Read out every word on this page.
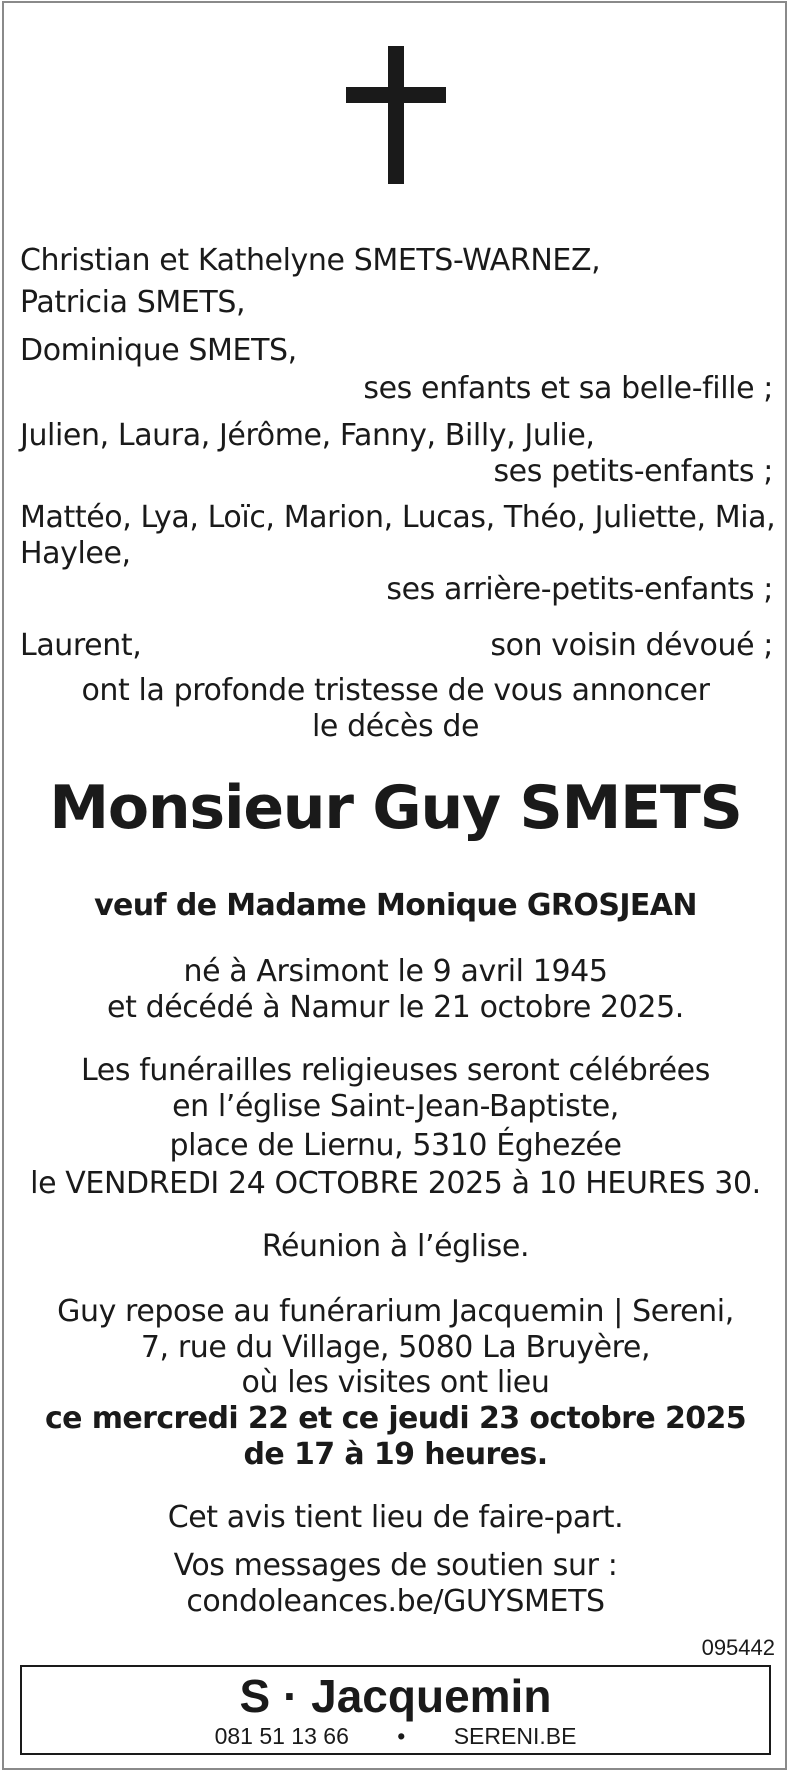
Christian et Kathelyne SMETS-WARNEZ,

Patricia SMETS,

Dominique SMETS,

ses enfants et sa belle-fille ;

Julien, Laura, Jérôme, Fanny, Billy, Julie,

ses petits-enfants ;

Mattéo, Lya, Loïc, Marion, Lucas, Théo, Juliette, Mia,

Haylee,

ses arrière-petits-enfants ;

Laurent,	son voisin dévoué ;

ont la profonde tristesse de vous annoncer

le décès de

Monsieur Guy SMETS

veuf de Madame Monique GROSJEAN

né à Arsimont le 9 avril 1945

et décédé à Namur le 21 octobre 2025.

Les funérailles religieuses seront célébrées

en l’église Saint-Jean-Baptiste,

place de Liernu, 5310 Éghezée

le VENDREDI 24 OCTOBRE 2025 à 10 HEURES 30.

Réunion à l’église.

Guy repose au funérarium Jacquemin | Sereni,

7, rue du Village, 5080 La Bruyère,

où les visites ont lieu

ce mercredi 22 et ce jeudi 23 octobre 2025

de 17 à 19 heures.

Cet avis tient lieu de faire-part.

Vos messages de soutien sur :

condoleances.be/GUYSMETS

095442
S · Jacquemin
081 51 13 66 • SERENI.BE
